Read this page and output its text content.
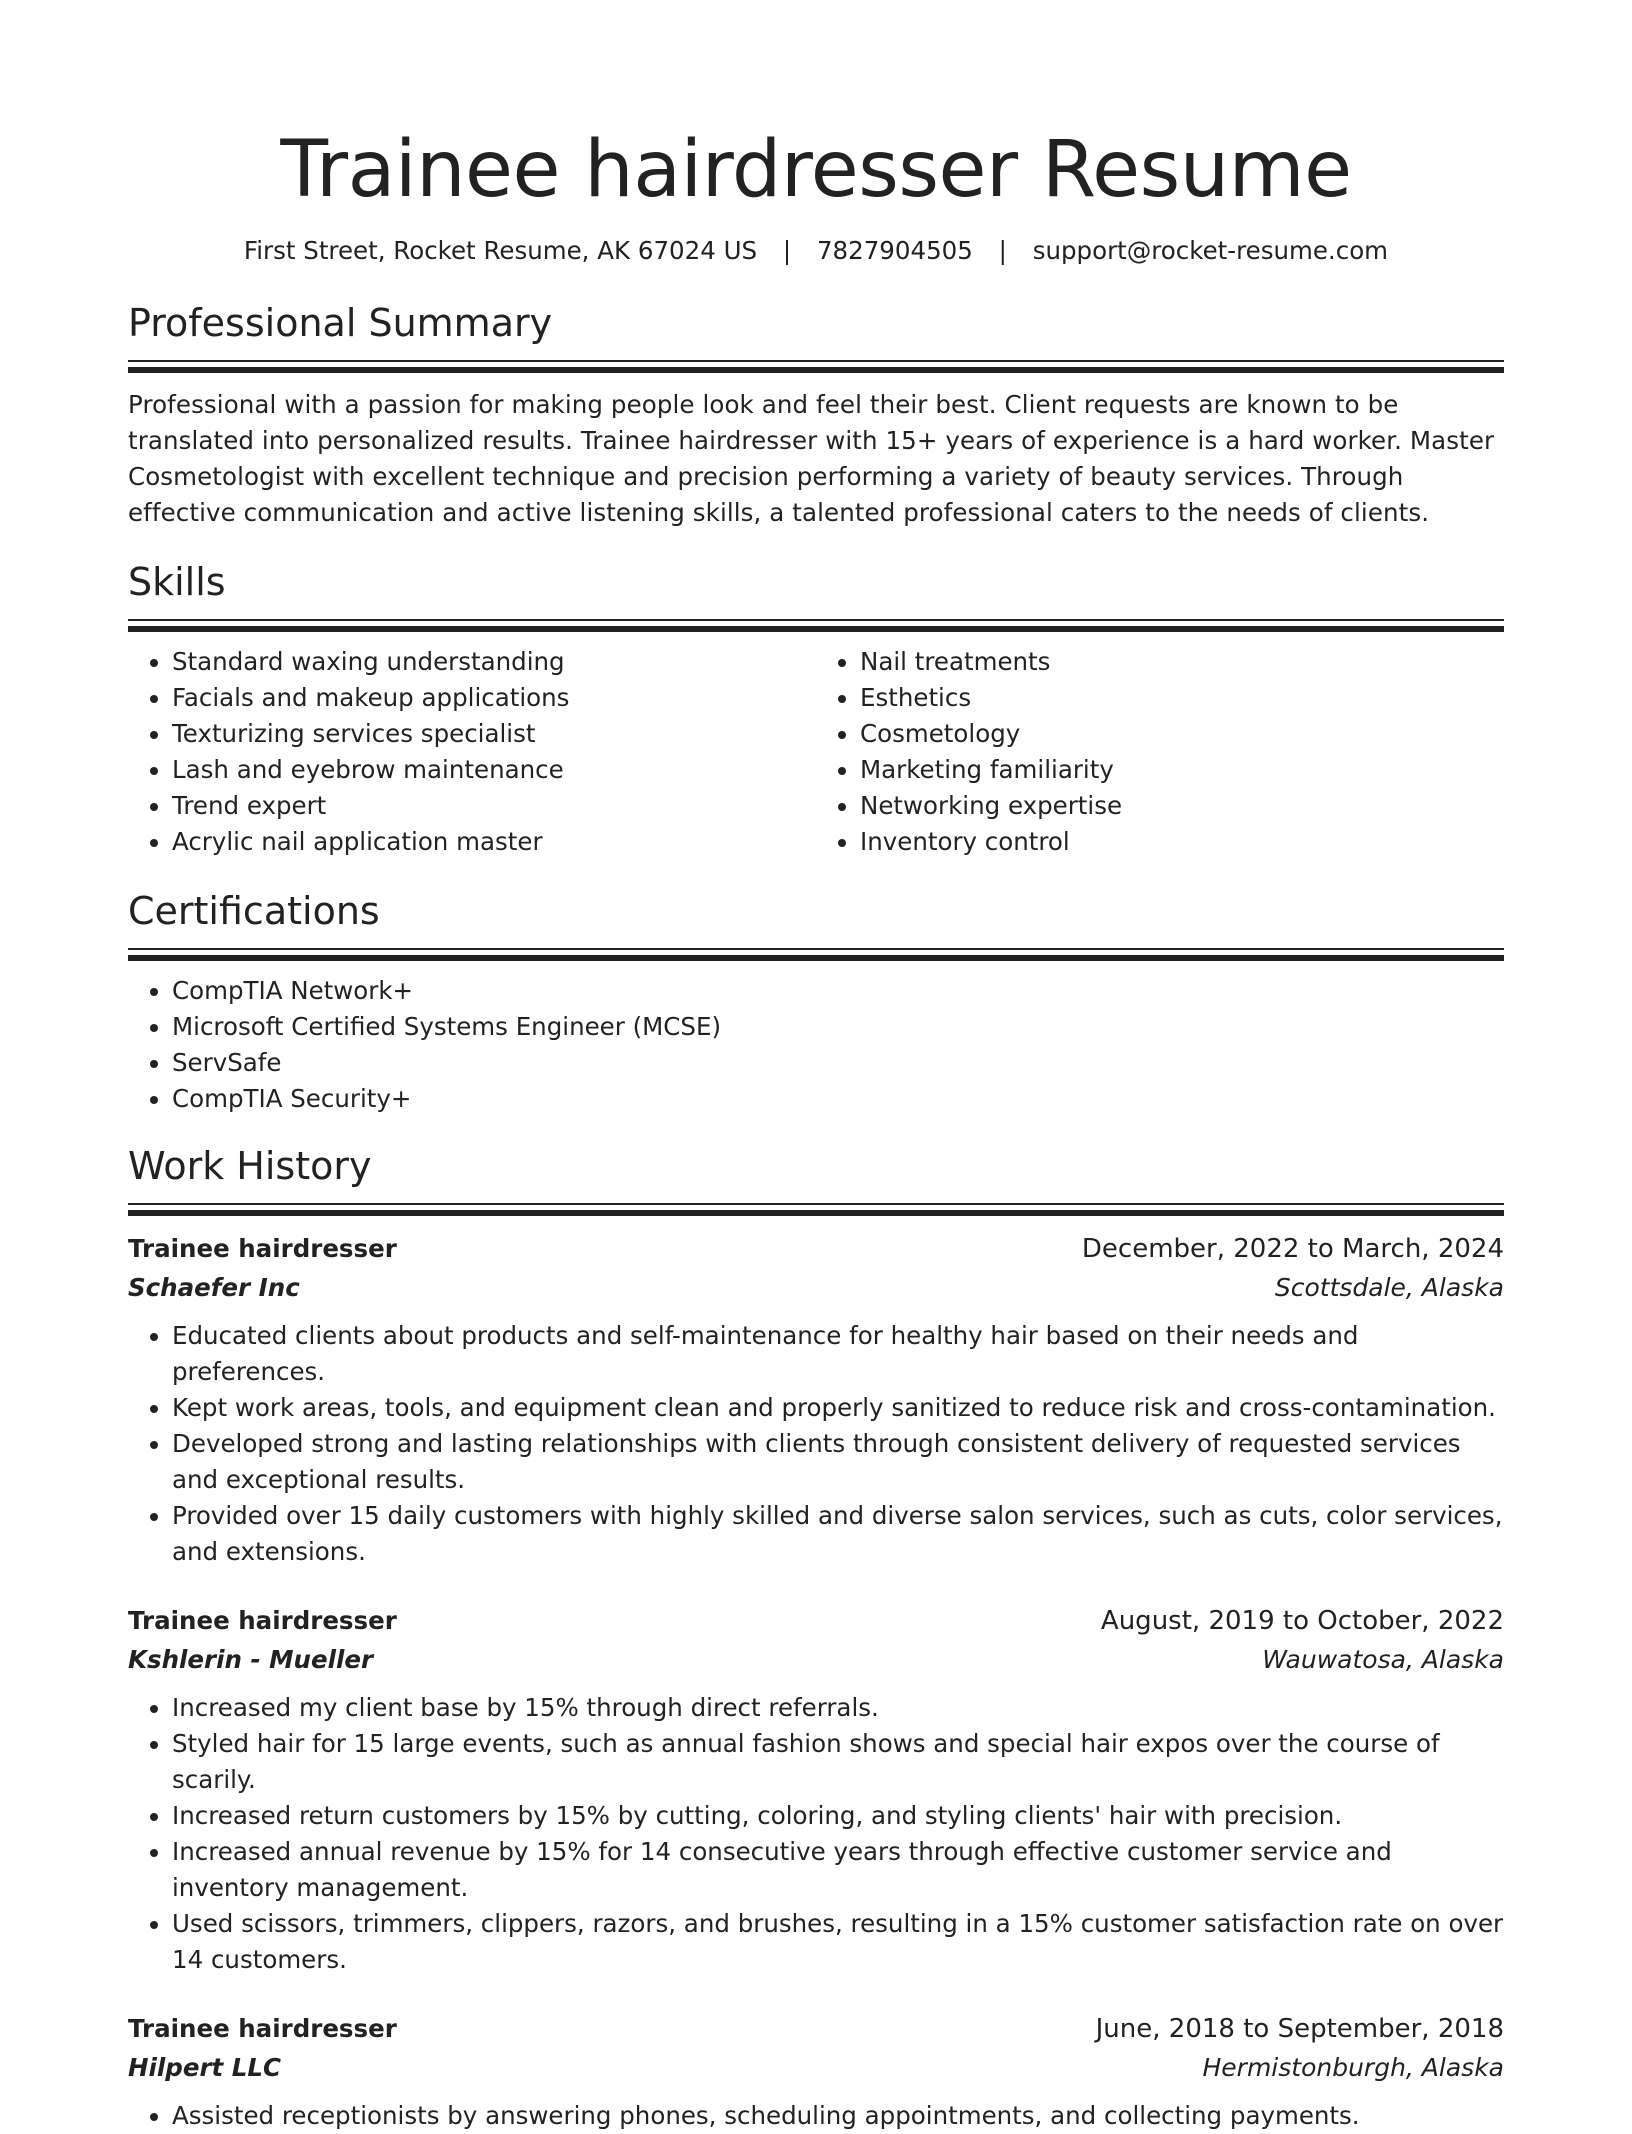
Trainee hairdresser Resume
First Street, Rocket Resume, AK 67024 US | 7827904505 | support@rocket-resume.com
Professional Summary

Professional with a passion for making people look and feel their best. Client requests are known to be translated into personalized results. Trainee hairdresser with 15+ years of experience is a hard worker. Master Cosmetologist with excellent technique and precision performing a variety of beauty services. Through effective communication and active listening skills, a talented professional caters to the needs of clients.

Skills
• Standard waxing understanding
• Facials and makeup applications
• Texturizing services specialist
• Lash and eyebrow maintenance
• Trend expert
• Acrylic nail application master
• Nail treatments
• Esthetics
• Cosmetology
• Marketing familiarity
• Networking expertise
• Inventory control
Certifications
• CompTIA Network+
• Microsoft Certified Systems Engineer (MCSE)
• ServSafe
• CompTIA Security+
Work History
Trainee hairdresser	December, 2022 to March, 2024
Schaefer Inc	Scottsdale, Alaska
• Educated clients about products and self-maintenance for healthy hair based on their needs and preferences.
• Kept work areas, tools, and equipment clean and properly sanitized to reduce risk and cross-contamination.
• Developed strong and lasting relationships with clients through consistent delivery of requested services and exceptional results.
• Provided over 15 daily customers with highly skilled and diverse salon services, such as cuts, color services, and extensions.
Trainee hairdresser	August, 2019 to October, 2022
Kshlerin - Mueller	Wauwatosa, Alaska
• Increased my client base by 15% through direct referrals.
• Styled hair for 15 large events, such as annual fashion shows and special hair expos over the course of scarily.
• Increased return customers by 15% by cutting, coloring, and styling clients' hair with precision.
• Increased annual revenue by 15% for 14 consecutive years through effective customer service and inventory management.
• Used scissors, trimmers, clippers, razors, and brushes, resulting in a 15% customer satisfaction rate on over 14 customers.
Trainee hairdresser	June, 2018 to September, 2018
Hilpert LLC	Hermistonburgh, Alaska
• Assisted receptionists by answering phones, scheduling appointments, and collecting payments.
